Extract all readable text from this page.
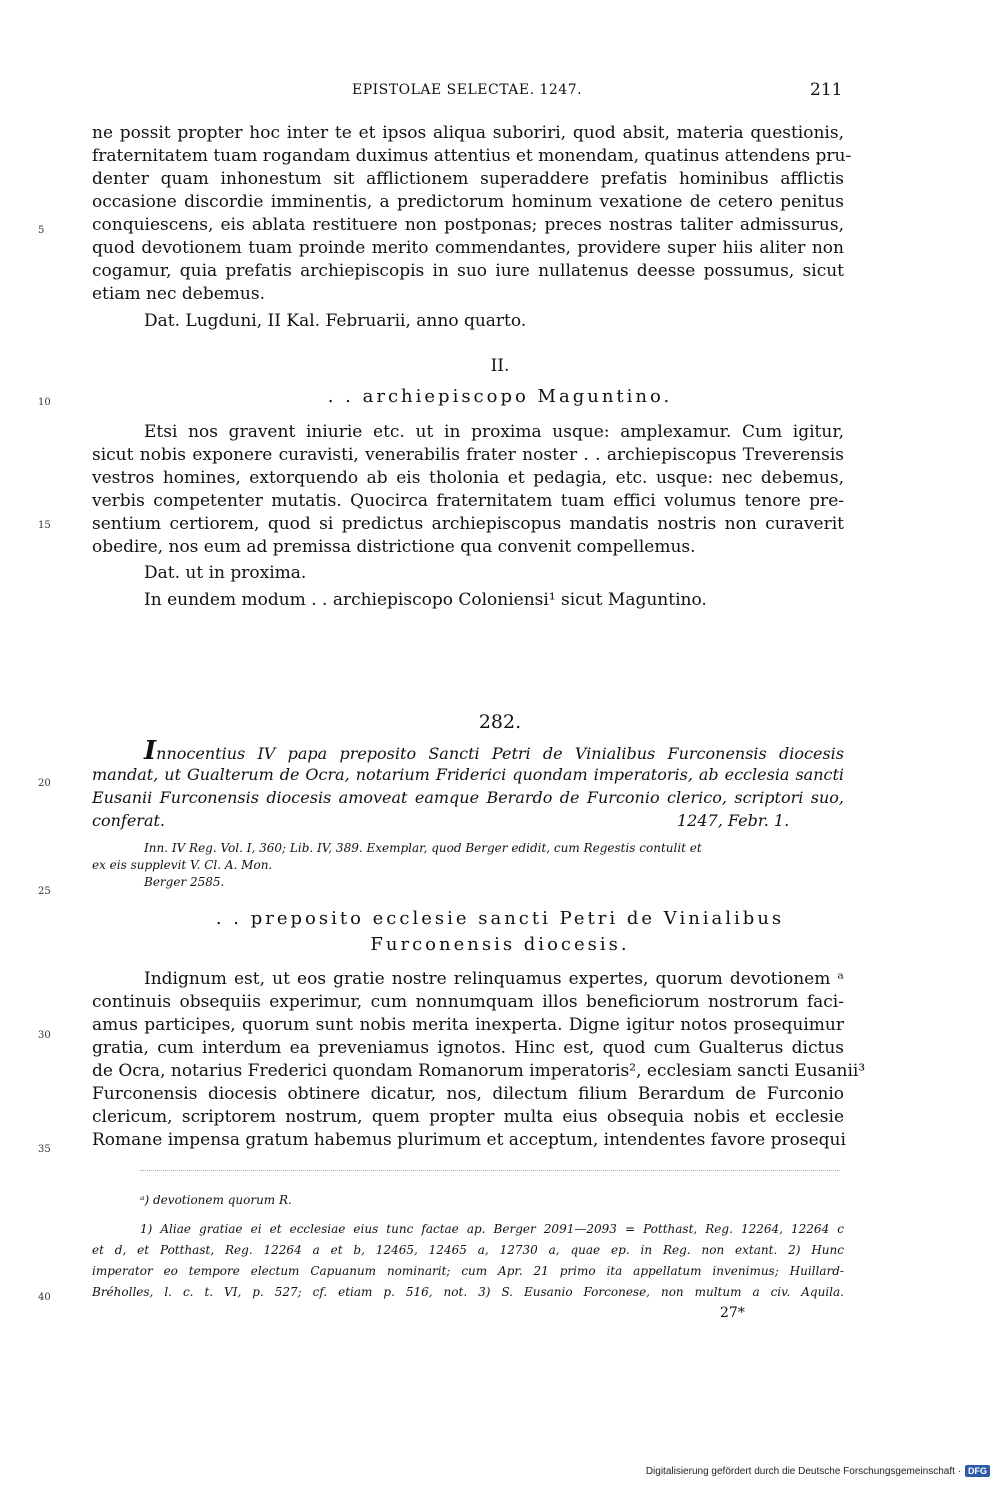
EPISTOLAE SELECTAE. 1247.	211
5
10
15
20
25
30
35
40
ne possit propter hoc inter te et ipsos aliqua suboriri, quod absit, materia questionis,
fraternitatem tuam rogandam duximus attentius et monendam, quatinus attendens pru-
denter quam inhonestum sit afflictionem superaddere prefatis hominibus afflictis
occasione discordie imminentis, a predictorum hominum vexatione de cetero penitus
conquiescens, eis ablata restituere non postponas; preces nostras taliter admissurus,
quod devotionem tuam proinde merito commendantes, providere super hiis aliter non
cogamur, quia prefatis archiepiscopis in suo iure nullatenus deesse possumus, sicut
etiam nec debemus.
Dat. Lugduni, II Kal. Februarii, anno quarto.
II.
. . archiepiscopo Maguntino.
Etsi nos gravent iniurie etc. ut in proxima usque: amplexamur. Cum igitur,
sicut nobis exponere curavisti, venerabilis frater noster . . archiepiscopus Treverensis
vestros homines, extorquendo ab eis tholonia et pedagia, etc. usque: nec debemus,
verbis competenter mutatis. Quocirca fraternitatem tuam effici volumus tenore pre-
sentium certiorem, quod si predictus archiepiscopus mandatis nostris non curaverit
obedire, nos eum ad premissa districtione qua convenit compellemus.
Dat. ut in proxima.
In eundem modum . . archiepiscopo Coloniensi¹ sicut Maguntino.
282.
Innocentius IV papa preposito Sancti Petri de Vinialibus Furconensis diocesis
mandat, ut Gualterum de Ocra, notarium Friderici quondam imperatoris, ab ecclesia sancti
Eusanii Furconensis diocesis amoveat eamque Berardo de Furconio clerico, scriptori suo,
conferat.	1247, Febr. 1.
Inn. IV Reg. Vol. I, 360; Lib. IV, 389. Exemplar, quod Berger edidit, cum Regestis contulit et
ex eis supplevit V. Cl. A. Mon.
Berger 2585.
. . preposito ecclesie sancti Petri de Vinialibus
Furconensis diocesis.
Indignum est, ut eos gratie nostre relinquamus expertes, quorum devotionem ᵃ
continuis obsequiis experimur, cum nonnumquam illos beneficiorum nostrorum faci-
amus participes, quorum sunt nobis merita inexperta. Digne igitur notos prosequimur
gratia, cum interdum ea preveniamus ignotos. Hinc est, quod cum Gualterus dictus
de Ocra, notarius Frederici quondam Romanorum imperatoris², ecclesiam sancti Eusanii³
Furconensis diocesis obtinere dicatur, nos, dilectum filium Berardum de Furconio
clericum, scriptorem nostrum, quem propter multa eius obsequia nobis et ecclesie
Romane impensa gratum habemus plurimum et acceptum, intendentes favore prosequi
ᵃ) devotionem quorum R.
1) Aliae gratiae ei et ecclesiae eius tunc factae ap. Berger 2091—2093 = Potthast, Reg. 12264, 12264 c
et d, et Potthast, Reg. 12264 a et b, 12465, 12465 a, 12730 a, quae ep. in Reg. non extant. 2) Hunc
imperator eo tempore electum Capuanum nominarit; cum Apr. 21 primo ita appellatum invenimus; Huillard-
Bréholles, l. c. t. VI, p. 527; cf. etiam p. 516, not. 3) S. Eusanio Forconese, non multum a civ. Aquila.
27*
Digitalisierung gefördert durch die Deutsche Forschungsgemeinschaft · DFG
